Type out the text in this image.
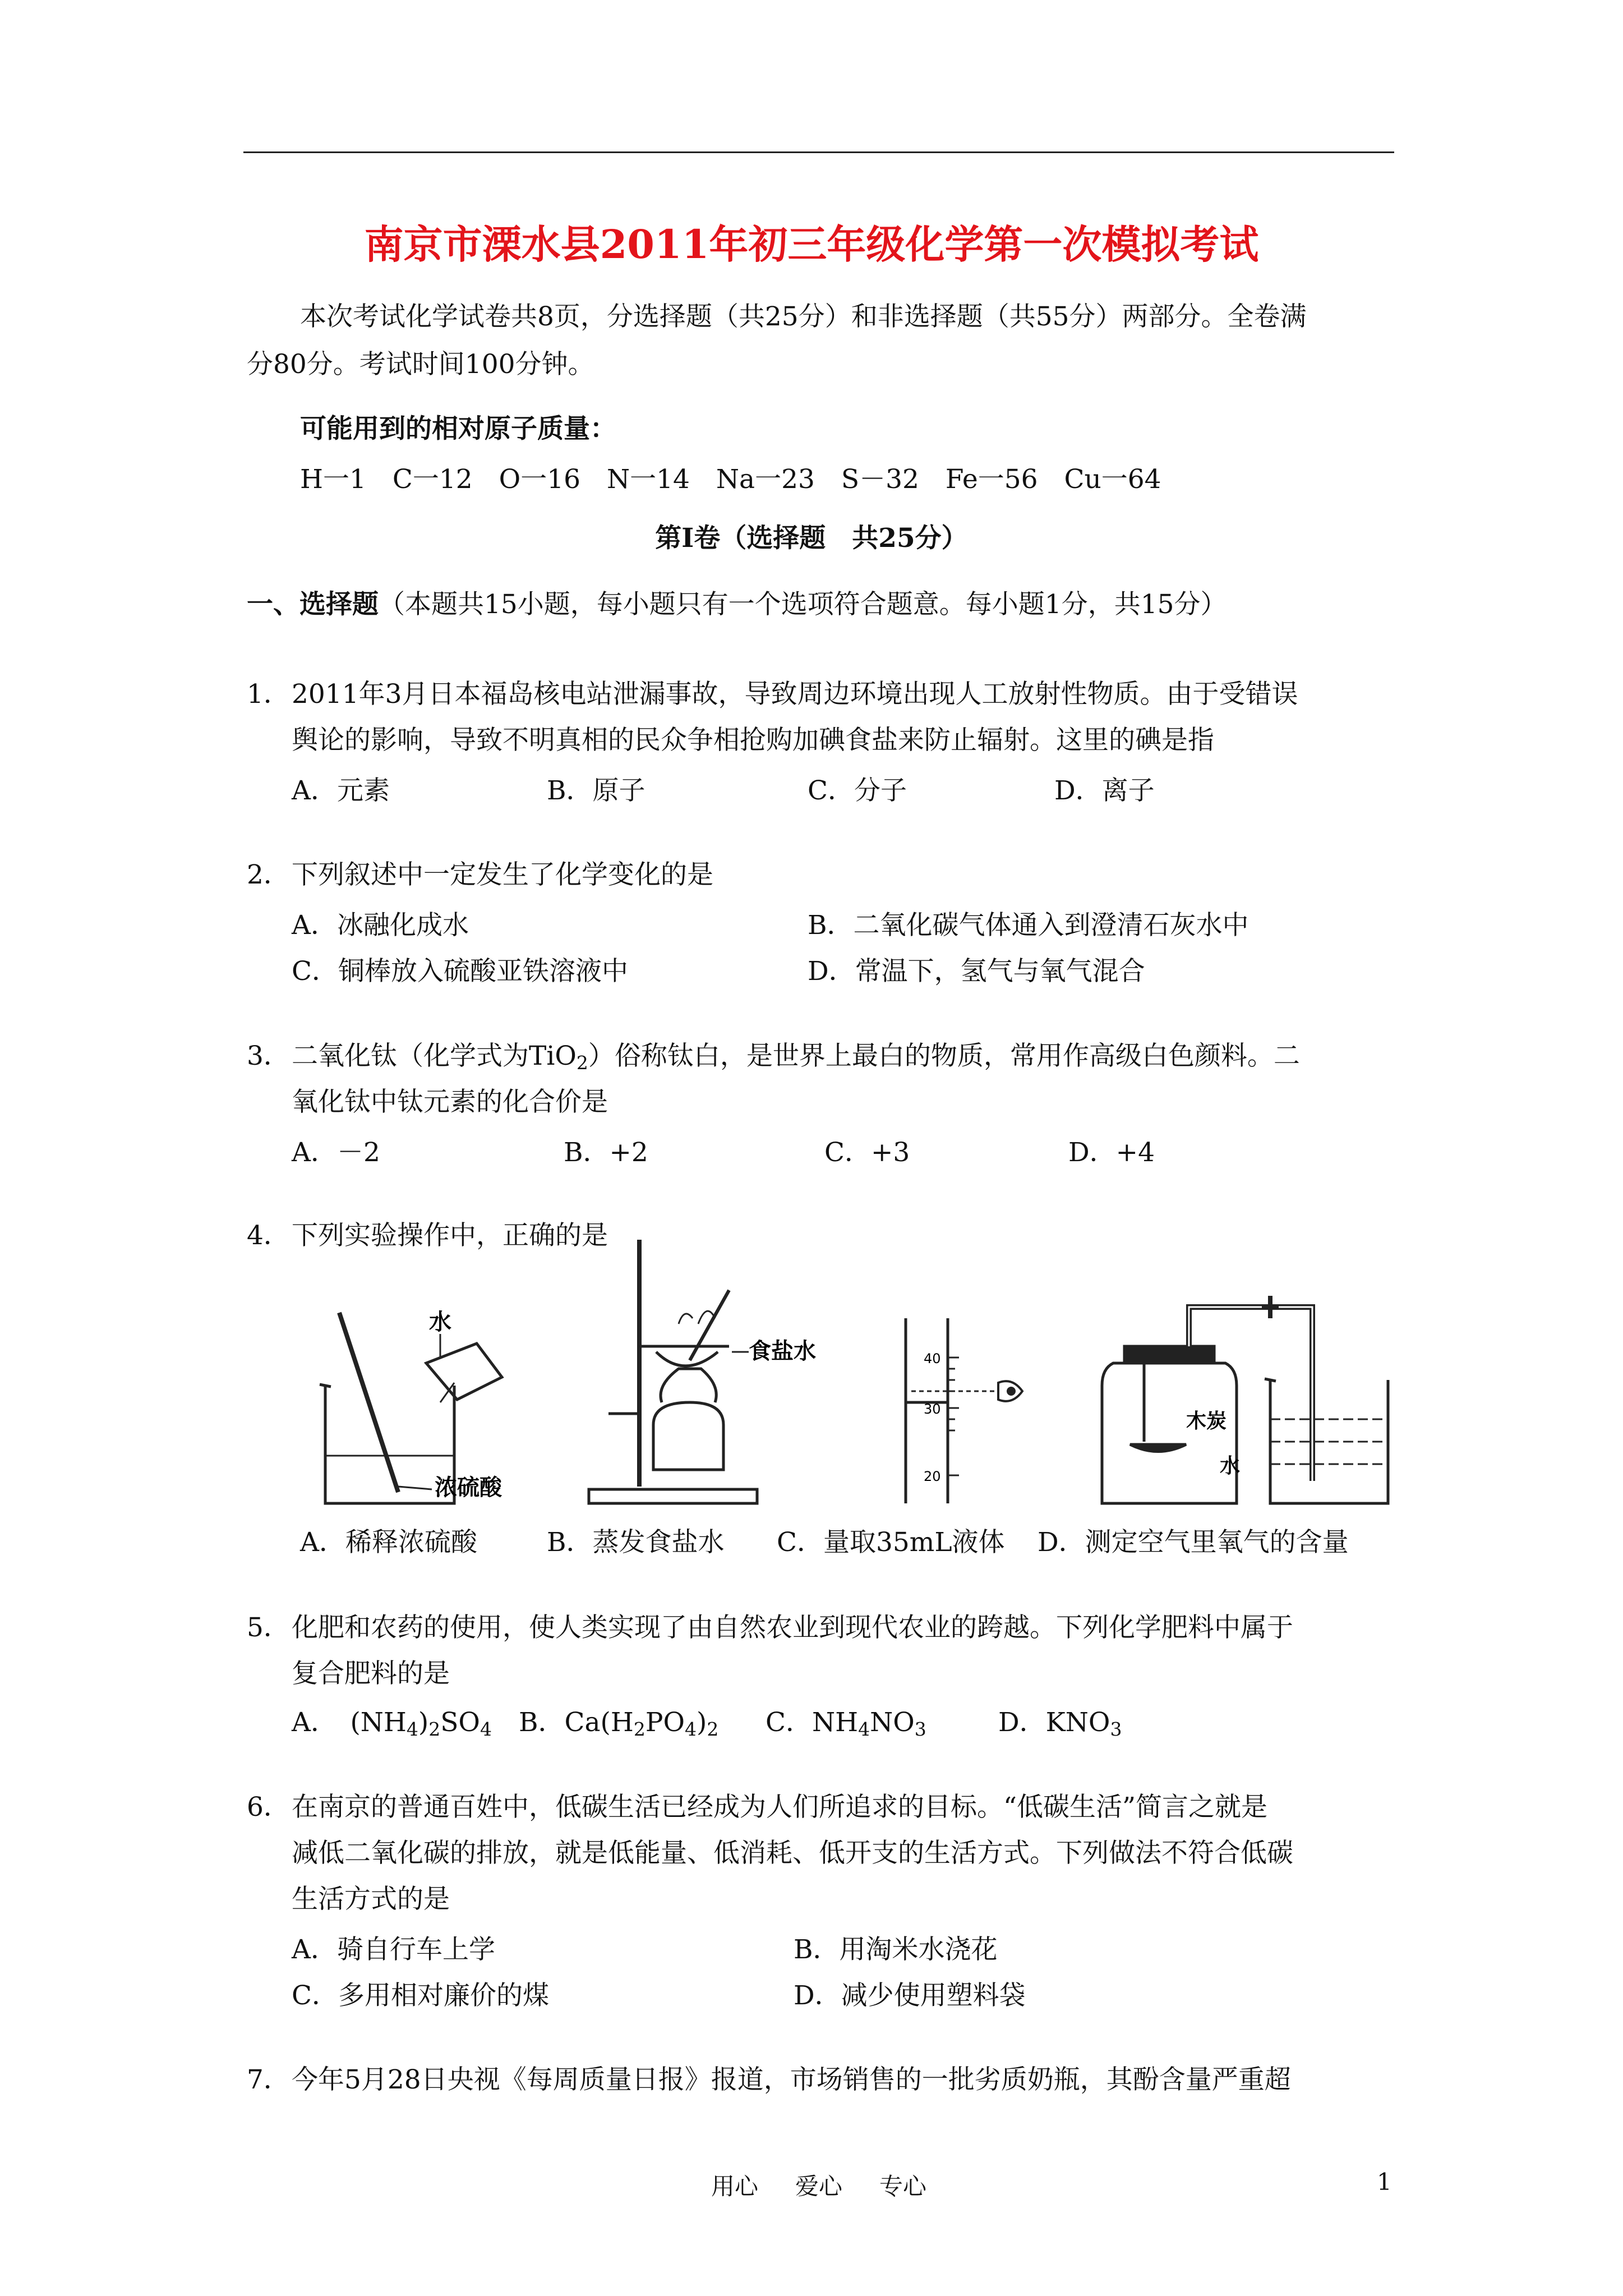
南京市溧水县2011年初三年级化学第一次模拟考试
本次考试化学试卷共8页，分选择题（共25分）和非选择题（共55分）两部分。全卷满
分80分。考试时间100分钟。
可能用到的相对原子质量：
H一1　C一12　O一16　N一14　Na一23　S－32　Fe一56　Cu一64
第Ⅰ卷（选择题　共25分）
一、选择题（本题共15小题，每小题只有一个选项符合题意。每小题1分，共15分）
1． 2011年3月日本福岛核电站泄漏事故，导致周边环境出现人工放射性物质。由于受错误
舆论的影响，导致不明真相的民众争相抢购加碘食盐来防止辐射。这里的碘是指
A．元素	B．原子	C．分子	D．离子
2． 下列叙述中一定发生了化学变化的是
A．冰融化成水	B．二氧化碳气体通入到澄清石灰水中
C．铜棒放入硫酸亚铁溶液中	D．常温下，氢气与氧气混合
3． 二氧化钛（化学式为TiO$_2$）俗称钛白，是世界上最白的物质，常用作高级白色颜料。二
氧化钛中钛元素的化合价是
A．－2	B．+2	C．+3	D．+4
4． 下列实验操作中，正确的是
水
浓硫酸
食盐水	40
30
20
木炭
水
A．稀释浓硫酸	B．蒸发食盐水 C．量取35mL液体 D．测定空气里氧气的含量
5． 化肥和农药的使用，使人类实现了由自然农业到现代农业的跨越。下列化学肥料中属于
复合肥料的是
A．　$(NH_4)_2SO_4$ B．$Ca(H_2PO_4)_2$ C．$NH_4NO_3$	D．$KNO_3$
6． 在南京的普通百姓中，低碳生活已经成为人们所追求的目标。“低碳生活”简言之就是
减低二氧化碳的排放，就是低能量、低消耗、低开支的生活方式。下列做法不符合低碳
生活方式的是
A．骑自行车上学	B．用淘米水浇花
C．多用相对廉价的煤	D．减少使用塑料袋
7． 今年5月28日央视《每周质量日报》报道，市场销售的一批劣质奶瓶，其酚含量严重超
用心 爱心 专心	1
